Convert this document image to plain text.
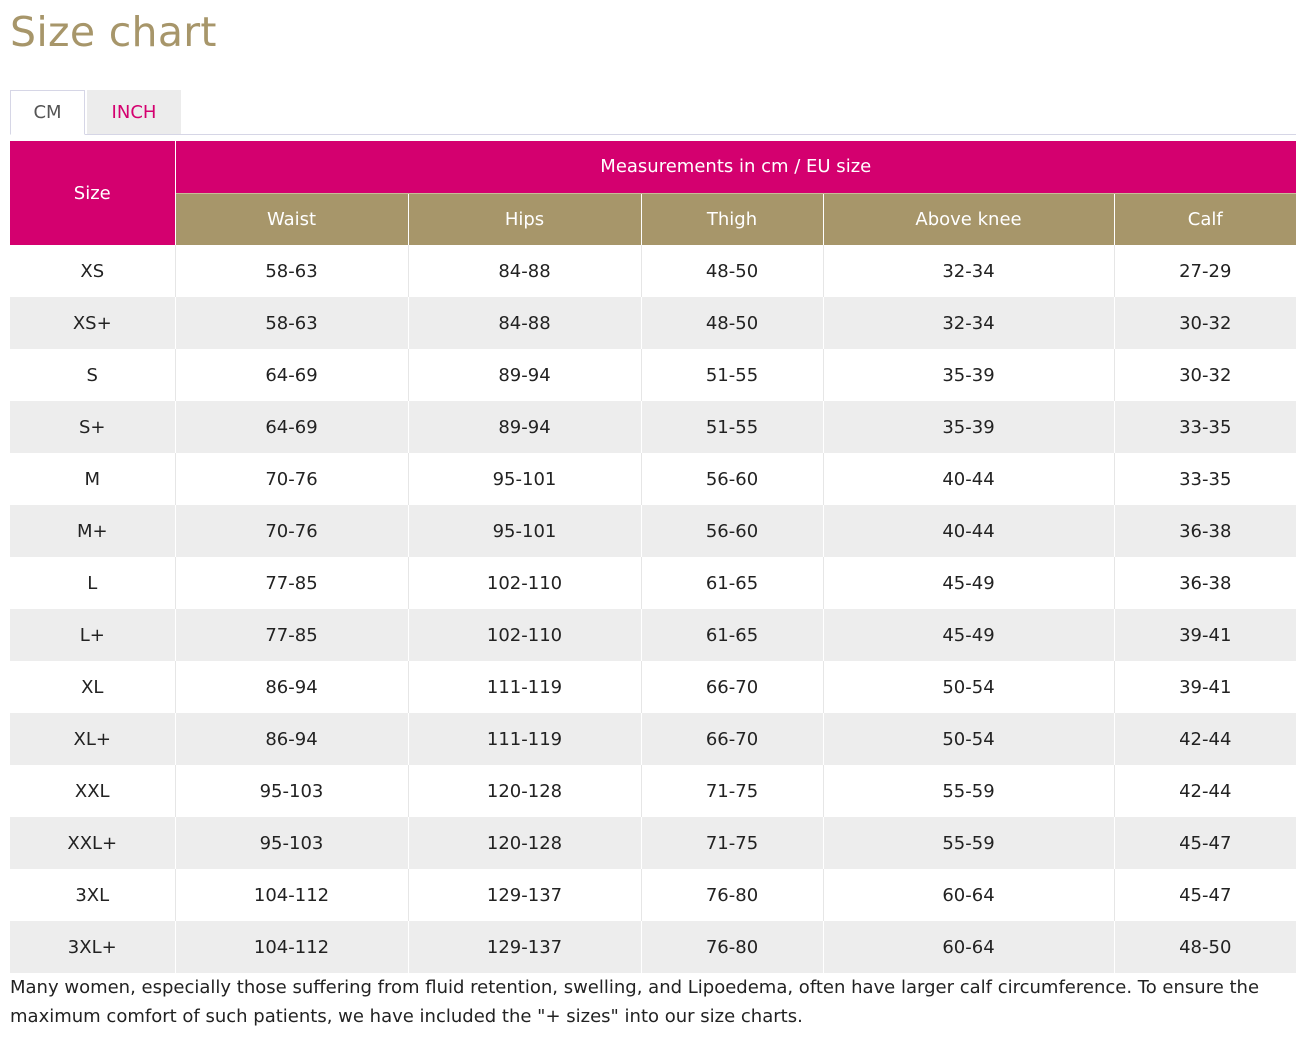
Size chart
CM	INCH
Size	Measurements in cm / EU size				
	Waist	Hips	Thigh	Above knee	Calf
XS	58-63	84-88	48-50	32-34	27-29
XS+	58-63	84-88	48-50	32-34	30-32
S	64-69	89-94	51-55	35-39	30-32
S+	64-69	89-94	51-55	35-39	33-35
M	70-76	95-101	56-60	40-44	33-35
M+	70-76	95-101	56-60	40-44	36-38
L	77-85	102-110	61-65	45-49	36-38
L+	77-85	102-110	61-65	45-49	39-41
XL	86-94	111-119	66-70	50-54	39-41
XL+	86-94	111-119	66-70	50-54	42-44
XXL	95-103	120-128	71-75	55-59	42-44
XXL+	95-103	120-128	71-75	55-59	45-47
3XL	104-112	129-137	76-80	60-64	45-47
3XL+	104-112	129-137	76-80	60-64	48-50
Many women, especially those suffering from fluid retention, swelling, and Lipoedema, often have larger calf circumference. To ensure the maximum comfort of such patients, we have included the "+ sizes" into our size charts.
